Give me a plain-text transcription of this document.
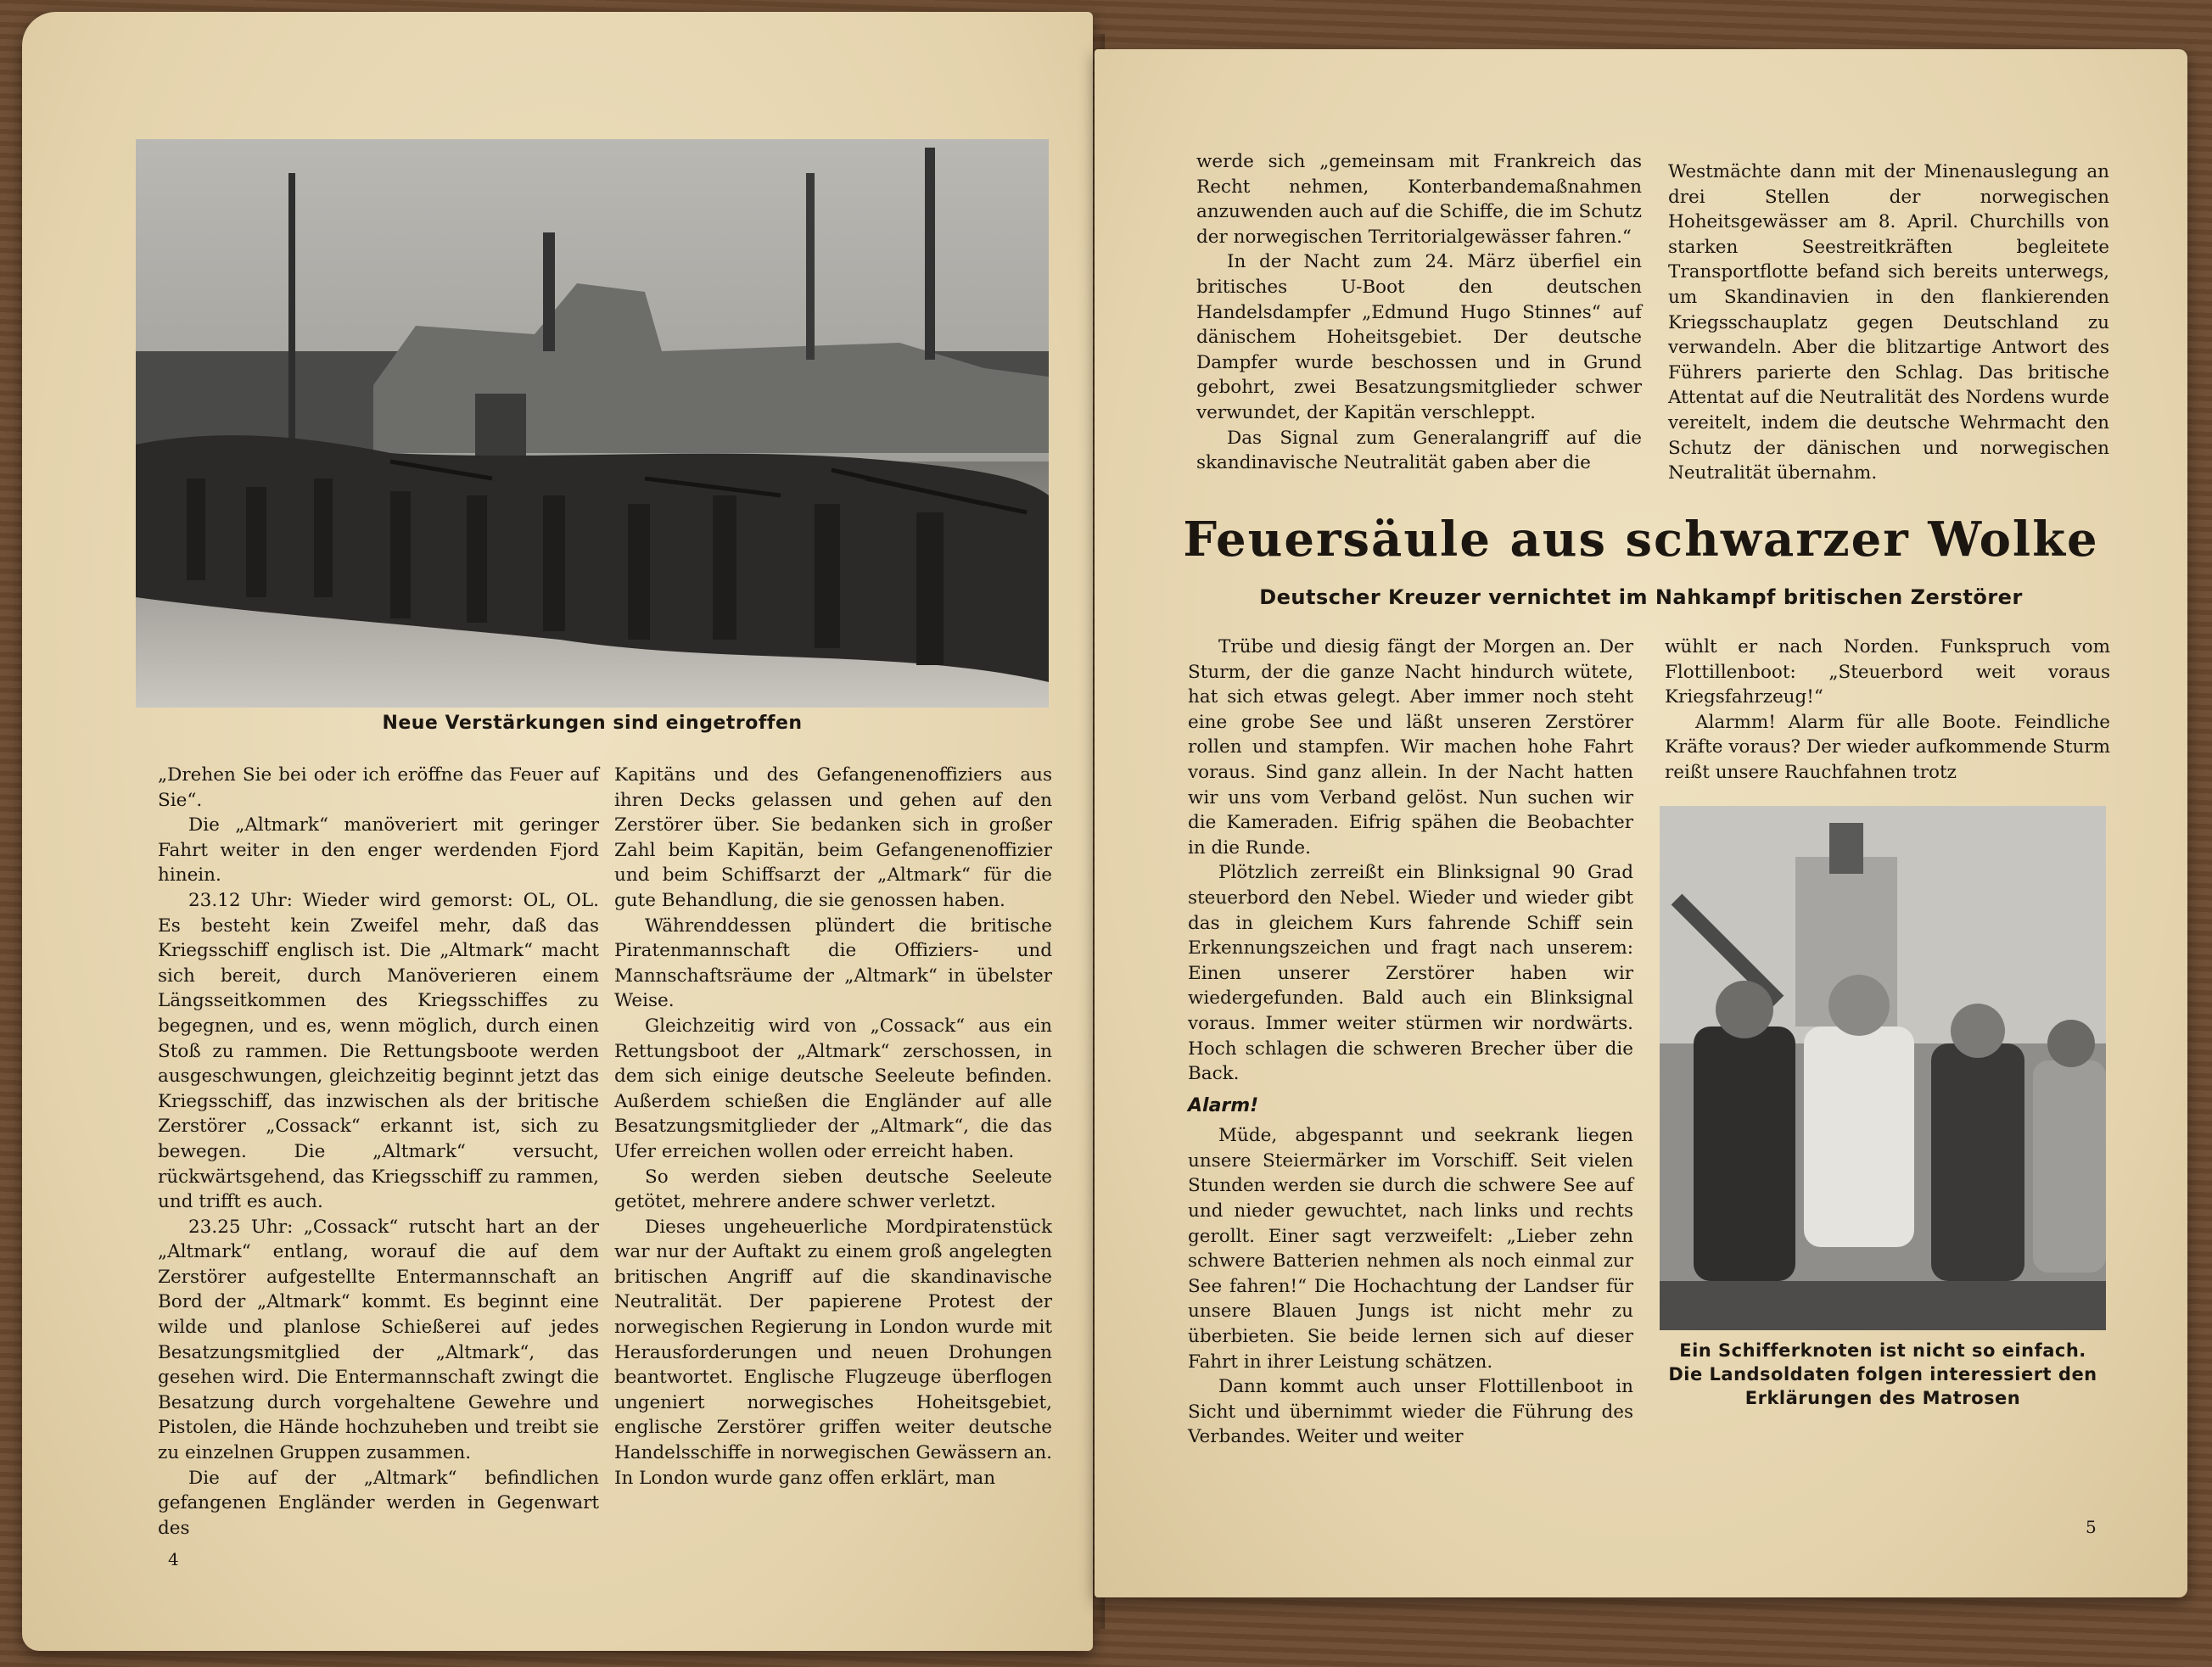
Neue Verstärkungen sind eingetroffen

„Drehen Sie bei oder ich eröffne das Feuer auf Sie“.

Die „Altmark“ manöveriert mit geringer Fahrt weiter in den enger werdenden Fjord hinein.

23.12 Uhr: Wieder wird gemorst: OL, OL. Es besteht kein Zweifel mehr, daß das Kriegsschiff englisch ist. Die „Altmark“ macht sich bereit, durch Manöverieren einem Längsseitkommen des Kriegsschiffes zu begegnen, und es, wenn möglich, durch einen Stoß zu rammen. Die Rettungsboote werden ausgeschwungen, gleichzeitig beginnt jetzt das Kriegsschiff, das inzwischen als der britische Zerstörer „Cossack“ erkannt ist, sich zu bewegen. Die „Altmark“ versucht, rückwärtsgehend, das Kriegsschiff zu rammen, und trifft es auch.

23.25 Uhr: „Cossack“ rutscht hart an der „Altmark“ entlang, worauf die auf dem Zerstörer aufgestellte Entermannschaft an Bord der „Altmark“ kommt. Es beginnt eine wilde und planlose Schießerei auf jedes Besatzungsmitglied der „Altmark“, das gesehen wird. Die Entermannschaft zwingt die Besatzung durch vorgehaltene Gewehre und Pistolen, die Hände hochzuheben und treibt sie zu einzelnen Gruppen zusammen.

Die auf der „Altmark“ befindlichen gefangenen Engländer werden in Gegenwart des

Kapitäns und des Gefangenenoffiziers aus ihren Decks gelassen und gehen auf den Zerstörer über. Sie bedanken sich in großer Zahl beim Kapitän, beim Gefangenenoffizier und beim Schiffsarzt der „Altmark“ für die gute Behandlung, die sie genossen haben.

Währenddessen plündert die britische Piratenmannschaft die Offiziers- und Mannschaftsräume der „Altmark“ in übelster Weise.

Gleichzeitig wird von „Cossack“ aus ein Rettungsboot der „Altmark“ zerschossen, in dem sich einige deutsche Seeleute befinden. Außerdem schießen die Engländer auf alle Besatzungsmitglieder der „Altmark“, die das Ufer erreichen wollen oder erreicht haben.

So werden sieben deutsche Seeleute getötet, mehrere andere schwer verletzt.

Dieses ungeheuerliche Mordpiratenstück war nur der Auftakt zu einem groß angelegten britischen Angriff auf die skandinavische Neutralität. Der papierene Protest der norwegischen Regierung in London wurde mit Herausforderungen und neuen Drohungen beantwortet. Englische Flugzeuge überflogen ungeniert norwegisches Hoheitsgebiet, englische Zerstörer griffen weiter deutsche Handelsschiffe in norwegischen Gewässern an. In London wurde ganz offen erklärt, man

4

werde sich „gemeinsam mit Frankreich das Recht nehmen, Konterbandemaßnahmen anzuwenden auch auf die Schiffe, die im Schutz der norwegischen Territorialgewässer fahren.“

In der Nacht zum 24. März überfiel ein britisches U-Boot den deutschen Handelsdampfer „Edmund Hugo Stinnes“ auf dänischem Hoheitsgebiet. Der deutsche Dampfer wurde beschossen und in Grund gebohrt, zwei Besatzungsmitglieder schwer verwundet, der Kapitän verschleppt.

Das Signal zum Generalangriff auf die skandinavische Neutralität gaben aber die

Westmächte dann mit der Minenauslegung an drei Stellen der norwegischen Hoheitsgewässer am 8. April. Churchills von starken Seestreitkräften begleitete Transportflotte befand sich bereits unterwegs, um Skandinavien in den flankierenden Kriegsschauplatz gegen Deutschland zu verwandeln. Aber die blitzartige Antwort des Führers parierte den Schlag. Das britische Attentat auf die Neutralität des Nordens wurde vereitelt, indem die deutsche Wehrmacht den Schutz der dänischen und norwegischen Neutralität übernahm.

Feuersäule aus schwarzer Wolke
Deutscher Kreuzer vernichtet im Nahkampf britischen Zerstörer

Trübe und diesig fängt der Morgen an. Der Sturm, der die ganze Nacht hindurch wütete, hat sich etwas gelegt. Aber immer noch steht eine grobe See und läßt unseren Zerstörer rollen und stampfen. Wir machen hohe Fahrt voraus. Sind ganz allein. In der Nacht hatten wir uns vom Verband gelöst. Nun suchen wir die Kameraden. Eifrig spähen die Beobachter in die Runde.

Plötzlich zerreißt ein Blinksignal 90 Grad steuerbord den Nebel. Wieder und wieder gibt das in gleichem Kurs fahrende Schiff sein Erkennungszeichen und fragt nach unserem: Einen unserer Zerstörer haben wir wiedergefunden. Bald auch ein Blinksignal voraus. Immer weiter stürmen wir nordwärts. Hoch schlagen die schweren Brecher über die Back.

Alarm!

Müde, abgespannt und seekrank liegen unsere Steiermärker im Vorschiff. Seit vielen Stunden werden sie durch die schwere See auf und nieder gewuchtet, nach links und rechts gerollt. Einer sagt verzweifelt: „Lieber zehn schwere Batterien nehmen als noch einmal zur See fahren!“ Die Hochachtung der Landser für unsere Blauen Jungs ist nicht mehr zu überbieten. Sie beide lernen sich auf dieser Fahrt in ihrer Leistung schätzen.

Dann kommt auch unser Flottillenboot in Sicht und übernimmt wieder die Führung des Verbandes. Weiter und weiter

wühlt er nach Norden. Funkspruch vom Flottillenboot: „Steuerbord weit voraus Kriegsfahrzeug!“

Alarmm! Alarm für alle Boote. Feindliche Kräfte voraus? Der wieder aufkommende Sturm reißt unsere Rauchfahnen trotz

Ein Schifferknoten ist nicht so einfach.
Die Landsoldaten folgen interessiert den Erklärungen des Matrosen
5
